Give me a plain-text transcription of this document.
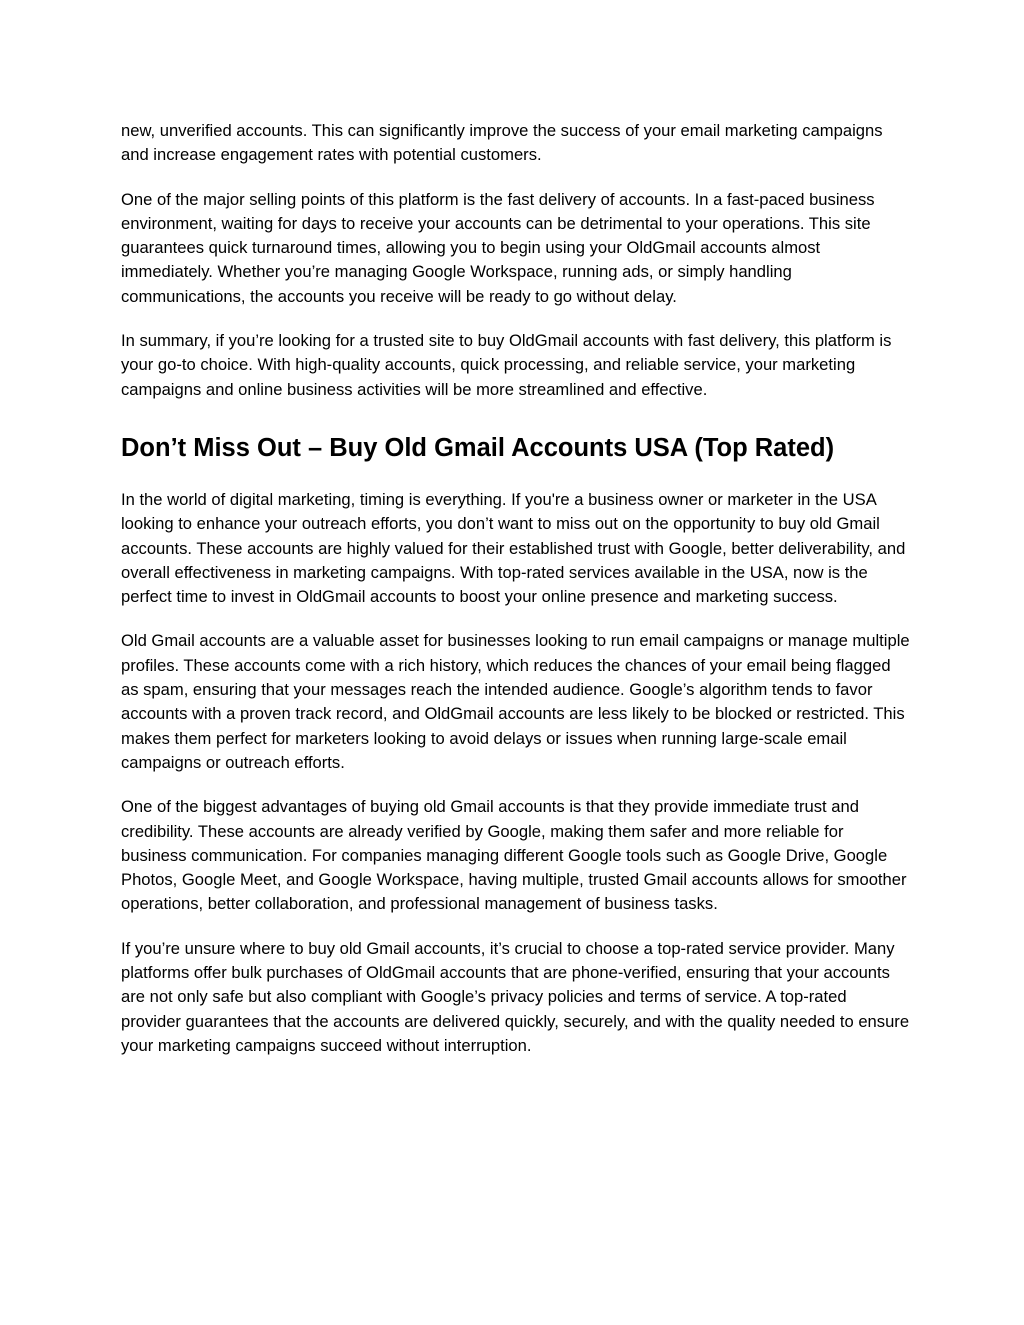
new, unverified accounts. This can significantly improve the success of your email marketing campaigns and increase engagement rates with potential customers.

One of the major selling points of this platform is the fast delivery of accounts. In a fast-paced business environment, waiting for days to receive your accounts can be detrimental to your operations. This site guarantees quick turnaround times, allowing you to begin using your OldGmail accounts almost immediately. Whether you’re managing Google Workspace, running ads, or simply handling communications, the accounts you receive will be ready to go without delay.

In summary, if you’re looking for a trusted site to buy OldGmail accounts with fast delivery, this platform is your go-to choice. With high-quality accounts, quick processing, and reliable service, your marketing campaigns and online business activities will be more streamlined and effective.

Don’t Miss Out – Buy Old Gmail Accounts USA (Top Rated)

In the world of digital marketing, timing is everything. If you're a business owner or marketer in the USA looking to enhance your outreach efforts, you don’t want to miss out on the opportunity to buy old Gmail accounts. These accounts are highly valued for their established trust with Google, better deliverability, and overall effectiveness in marketing campaigns. With top-rated services available in the USA, now is the perfect time to invest in OldGmail accounts to boost your online presence and marketing success.

Old Gmail accounts are a valuable asset for businesses looking to run email campaigns or manage multiple profiles. These accounts come with a rich history, which reduces the chances of your email being flagged as spam, ensuring that your messages reach the intended audience. Google’s algorithm tends to favor accounts with a proven track record, and OldGmail accounts are less likely to be blocked or restricted. This makes them perfect for marketers looking to avoid delays or issues when running large-scale email campaigns or outreach efforts.

One of the biggest advantages of buying old Gmail accounts is that they provide immediate trust and credibility. These accounts are already verified by Google, making them safer and more reliable for business communication. For companies managing different Google tools such as Google Drive, Google Photos, Google Meet, and Google Workspace, having multiple, trusted Gmail accounts allows for smoother operations, better collaboration, and professional management of business tasks.

If you’re unsure where to buy old Gmail accounts, it’s crucial to choose a top-rated service provider. Many platforms offer bulk purchases of OldGmail accounts that are phone-verified, ensuring that your accounts are not only safe but also compliant with Google’s privacy policies and terms of service. A top-rated provider guarantees that the accounts are delivered quickly, securely, and with the quality needed to ensure your marketing campaigns succeed without interruption.
